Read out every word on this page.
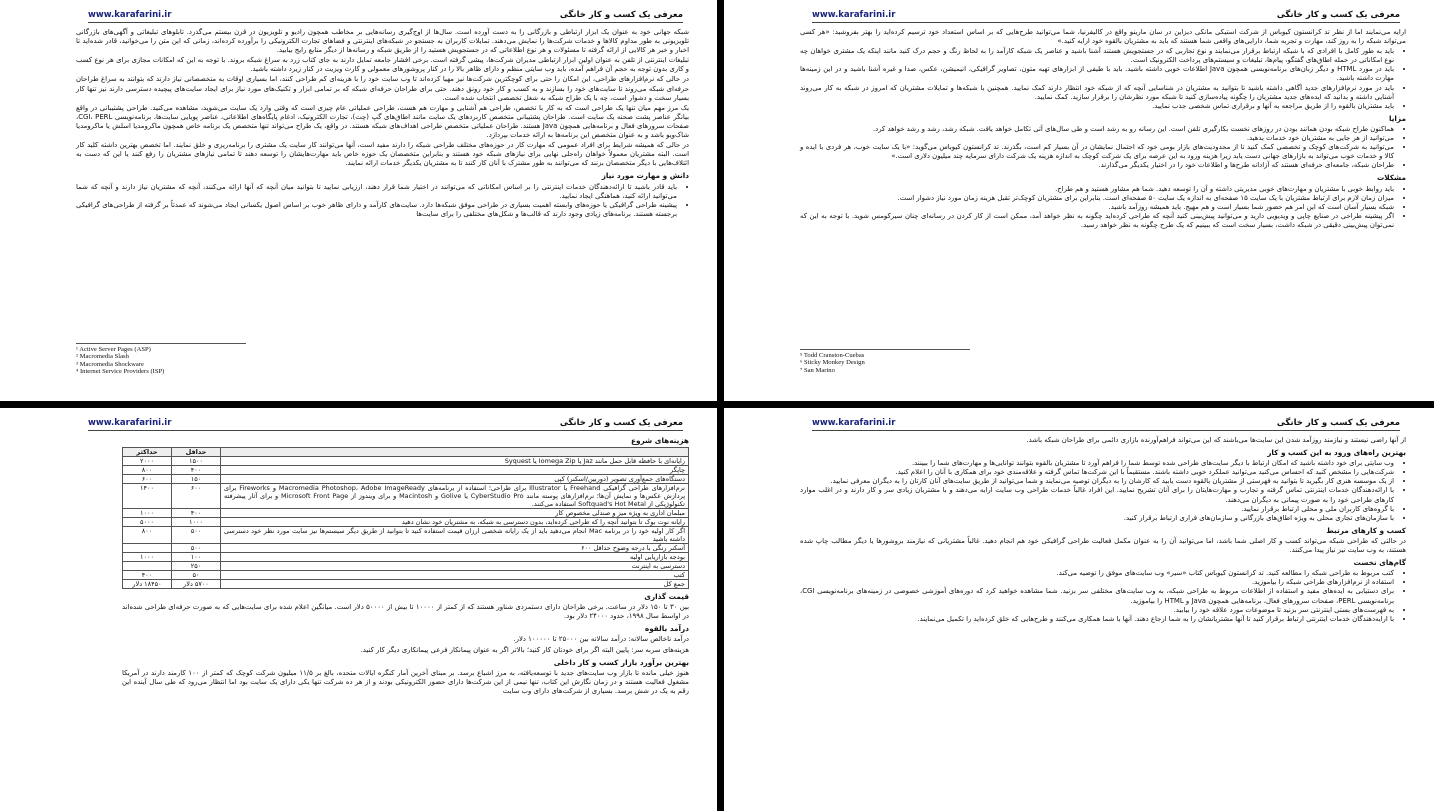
www.karafarini.ir	معرفی یک کسب و کار خانگی

شبکه جهانی خود به عنوان یک ابزار ارتباطی و بازرگانی را به دست آورده است. سال‌ها از اوج‌گیری رسانه‌هایی بر مخاطب همچون رادیو و تلویزیون در قرن بیستم می‌گذرد. تابلوهای تبلیغاتی و آگهی‌های بازرگانی تلویزیونی به طور مداوم کالاها و خدمات شرکت‌ها را نمایش می‌دهند. تمایلات کاربران به جستجو در شبکه‌های اینترنتی و فضاهای تجارت الکترونیکی را برآورده کرده‌اند، زمانی که این متن را می‌خوانید، قادر شده‌اید تا اخبار و خبر هر کالایی از ارائه گرفته تا مسئولات و هر نوع اطلاعاتی که در جستجویش هستید را از طریق شبکه و رسانه‌ها از دیگر منابع رایج بیابید.

تبلیغات اینترنتی از تلفن به عنوان اولین ابزار ارتباطی مدیران شرکت‌ها، پیشی گرفته است. برخی افشار جامعه تمایل دارند به جای کتاب زرد به سراغ شبکه بروند. با توجه به این که امکانات مجازی برای هر نوع کسب و کاری بدون توجه به حجم آن فراهم آمده، باید وب سایتی منظم و دارای ظاهر بالا را در کنار پروشورهای معمولی و کارت ویزیت در کنار زیرد داشته باشید.

در حالی که نرم‌افزارهای طراحی، این امکان را حتی برای کوچکترین شرکت‌ها نیز مهیا کرده‌اند تا وب سایت خود را با هزینه‌ای کم طراحی کنند، اما بسیاری اوقات به متخصصانی نیاز دارند که بتوانند به سراغ طراحان حرفه‌ای شبکه می‌روند تا سایت‌های خود را بسازند و به کسب و کار خود رونق دهند. حتی برای طراحان حرفه‌ای شبکه که بر تمامی ابزار و تکنیک‌های مورد نیاز برای ایجاد سایت‌های پیچیده دسترسی دارند نیز تنها کار بسیار سخت و دشوار است، چه با یک طراح شبکه به شغل تخصصی انتخاب شده است.

یک مرز مهم میان تنها یک طراحی است که به کار با تخصص، طراحی هم آشنایی و مهارت هم هست، طراحی عملیاتی عام چیزی است که وقتی وارد یک سایت می‌شوید، مشاهده می‌کنید. طراحی پشتیبانی در واقع بیانگر عناصر پشت صحنه یک سایت است. طراحان پشتیبانی متخصص کاربردهای یک سایت مانند اطاق‌های گپ (چت)، تجارت الکترونیک، ادغام پایگاه‌های اطلاعاتی، عناصر پویایی سایت‌ها، برنامه‌نویسی CGI، PERL، صفحات سرورهای فعال و برنامه‌هایی همچون Java هستند. طراحان عملیاتی متخصص طراحی اهداف‌های شبکه هستند. در واقع، یک طراح می‌تواند تنها متخصص یک برنامه خاص همچون ماکرومدیا اسلش یا ماکرومدیا شاک‌ویو باشد و به عنوان متخصص این برنامه‌ها به ارائه خدمات بپردازد.

در حالی که همیشه شرایط برای افراد عمومی که مهارت کار در حوزه‌های مختلف طراحی شبکه را دارند مفید است، آنها می‌توانند کار سایت یک مشتری را برنامه‌ریزی و خلق نمایند. اما تخصص بهترین داشته کلید کار است. البته مشتریان معمولاً خواهان راه‌حلی نهایی برای نیازهای شبکه خود هستند و بنابراین متخصصان یک حوزه خاص باید مهارت‌هایشان را توسعه دهند تا تمامی نیازهای مشتریان را رفع کنند یا این که دست به ائتلاف‌هایی با دیگر متخصصان بزنند که می‌توانند به طور مشترک با آنان کار کنند تا به مشتریان یکدیگر خدمات ارائه نمایند.

دانش و مهارت مورد نیاز
• باید قادر باشید تا ارائه‌دهندگان خدمات اینترنتی را بر اساس امکاناتی که می‌توانند در اختیار شما قرار دهند، ارزیابی نمایید تا بتوانید میان آنچه که آنها ارائه می‌کنند، آنچه که مشتریان نیاز دارند و آنچه که شما می‌توانید ارائه کنید، هماهنگی ایجاد نمایید.
• پیشینه طراحی گرافیکی یا حوزه‌های وابسته اهمیت بسیاری در طراحی موفق شبکه‌ها دارد. سایت‌های کارآمد و دارای ظاهر خوب بر اساس اصول یکسانی ایجاد می‌شوند که عمدتاً بر گرفته از طراحی‌های گرافیکی برجسته هستند. برنامه‌های زیادی وجود دارند که قالب‌ها و شکل‌های مختلفی را برای سایت‌ها
¹ Active Server Pages (ASP)
² Macromedia Slash
³ Macromedia Shockware
⁴ Internet Service Providers (ISP)
www.karafarini.ir	معرفی یک کسب و کار خانگی

ارایه می‌نمایند اما از نظر تد کرانستون کیوباس از شرکت استیکی مانکی دیزاین در سان مارینو واقع در کالیفرنیا، شما می‌توانید طرح‌هایی که بر اساس استعداد خود ترسیم کرده‌اید را بهتر بفروشید: «هر کسی می‌تواند شبکه را به روز کند، مهارت و تجربه شما، دارایی‌های واقعی شما هستند که باید به مشتریان بالقوه خود ارایه کنید.»

• باید به طور کامل با افرادی که با شبکه ارتباط برقرار می‌نمایند و نوع تجاربی که در جستجویش هستند آشنا باشید و عناصر یک شبکه کارآمد را به لحاظ رنگ و حجم درک کنید مانند اینکه یک مشتری خواهان چه نوع امکاناتی در حمله اطاق‌های گفتگو، پیام‌ها، تبلیغات و سیستم‌های پرداخت الکترونیک است.
• باید در مورد HTML و دیگر زبان‌های برنامه‌نویسی همچون Java اطلاعات خوبی داشته باشید. باید با طیفی از ابزارهای تهیه متون، تصاویر گرافیکی، انیمیشن، عکس، صدا و غیره آشنا باشید و در این زمینه‌ها مهارت داشته باشید.
• باید در مورد نرم‌افزارهای جدید آگاهی داشته باشید تا بتوانید به مشتریان در شناسایی آنچه که از شبکه خود انتظار دارند کمک نمایید. همچنین با شبکه‌ها و تمایلات مشتریان که امروز در شبکه به کار می‌روند آشنایی داشته و بدانید که ایده‌های جدید مشتریان را چگونه پیاده‌سازی کنید تا شبکه مورد نظرشان را برقرار سازید. کمک نمایید.
• باید مشتریان بالقوه را از طریق مراجعه به آنها و برقراری تماس شخصی جذب نمایید.
مزایا
• هماکنون طراح شبکه بودن همانند بودن در روزهای نخست بکارگیری تلفن است. این رسانه رو به رشد است و طی سال‌های آتی تکامل خواهد یافت. شبکه رشد، رشد و رشد خواهد کرد.
• می‌توانید از هر جایی به مشتریان خود خدمات بدهید.
• می‌توانید به شرکت‌های کوچک و تخصصی کمک کنید تا از محدودیت‌های بازار بومی خود که احتمال نمایشان در آن بسیار کم است، بگذرند. تد کرانستون کیوباس می‌گوید: «با یک سایت خوب، هر فردی با ایده و کالا و خدمات خوب می‌تواند به بازارهای جهانی دست یابد زیرا هزینه ورود به این عرصه برای یک شرکت کوچک به اندازه هزینه یک شرکت دارای سرمایه چند میلیون دلاری است.»
• طراحان شبکه، جامعه‌ای حرفه‌ای هستند که آزادانه طرح‌ها و اطلاعات خود را در اختیار یکدیگر می‌گذارند.
مشکلات
• باید روابط خوبی با مشتریان و مهارت‌های خوبی مدیریتی داشته و آن را توسعه دهید. شما هم مشاور هستید و هم طراح.
• میزان زمان لازم برای ارتباط مشتریان با یک سایت ۱۵ صفحه‌ای به اندازه یک سایت ۵۰ صفحه‌ای است. بنابراین برای مشتریان کوچک‌تر تقبل هزینه زمان مورد نیاز دشوار است.
• شبکه بسیار آسان است که این امر هم حضور شما بسیار است و هم مهیج. باید همیشه روزآمد باشید.
• اگر پیشینه طراحی در صنایع چاپی و ویدیویی دارید و می‌توانید پیش‌بینی کنید آنچه که طراحی کرده‌اید چگونه به نظر خواهد آمد، ممکن است از کار کردن در رسانه‌ای چنان سیرکومس شوید. با توجه به این که نمی‌توان پیش‌بینی دقیقی در شبکه داشت، بسیار سخت است که ببینیم که یک طرح چگونه به نظر خواهد رسید.
⁵ Todd Cranston-Cuebas
⁶ Sticky Monkey Design
⁷ San Marino
www.karafarini.ir	معرفی یک کسب و کار خانگی
هزینه‌های شروع
	حداقل	حداکثر
رایانه‌ای با حافظه قابل حمل مانند Jaz یا Iomega Zip یا Syquest	۱۵۰۰	۲۰۰۰
چاپگر	۴۰۰	۸۰۰
دستگاه‌های جمع‌آوری تصویر (دوربین/اسکنر) کپی	۱۵۰	۶۰۰
نرم‌افزارهای طراحی گرافیکی Freehand یا Illustrator برای طراحی؛ استفاده از برنامه‌های Macromedia Photoshop، Adobe ImageReady و Fireworks برای پردازش عکس‌ها و نمایش آن‌ها؛ نرم‌افزارهای پوسته مانند CyberStudio Pro یا Golive و Macintosh و برای ویندوز از Microsoft Front Page و برای آثار پیشرفته تکنولوژیکی از Softquad's Hot Metal استفاده می‌کنند.	۶۰۰	۱۴۰۰
مبلمان اداری به ویژه میز و صندلی مخصوص کار	۴۰۰	۱۰۰۰
رایانه نوت بوک تا بتوانید آنچه را که طراحی کرده‌اید، بدون دسترسی به شبکه، به مشتریان خود نشان دهید	۱۰۰۰	۵۰۰۰
اگر کار اولیه خود را در برنامه Mac انجام می‌دهید باید از یک رایانه شخصی ارزان قیمت استفاده کنید تا بتوانید از طریق دیگر سیستم‌ها نیز سایت مورد نظر خود دسترسی داشته باشید	۵۰۰	۸۰۰
آسکنر رنگی با درجه وضوح حداقل ۶۰۰	۵۰۰	
بودجه بازاریابی اولیه	۱۰۰	۱۰۰۰
دسترسی به اینترنت	۲۵۰	
کتب	۵۰	۴۰۰
جمع کل	۵۷۰۰ دلار	۱۸۴۵۰ دلار
قیمت گذاری

بین ۳۰ تا ۱۵۰ دلار در ساعت. برخی طراحان دارای دستمزدی شناور هستند که از کمتر از ۱۰۰۰۰ تا بیش از ۵۰۰۰۰ دلار است. میانگین اعلام شده برای سایت‌هایی که به صورت حرفه‌ای طراحی شده‌اند در اواسط سال ۱۹۹۸، حدود ۲۴۰۰۰ دلار بود.

درآمد بالقوه

درآمد ناخالص سالانه: درآمد سالانه بین ۲۵۰۰۰ تا ۱۰۰۰۰۰ دلار.

هزینه‌های سربه سر: پایین البته اگر برای خودتان کار کنید؛ بالاتر اگر به عنوان پیمانکار فرعی پیمانکاری دیگر کار کنید.

بهترین برآورد بازار کسب و کار داخلی

هنوز خیلی مانده تا بازار وب سایت‌های جدید با توسعه‌یافته، به مرز اشباع برسد. بر مبنای آخرین آمار کنگره ایالات متحده، بالغ بر ۱۱/۵ میلیون شرکت کوچک که کمتر از ۱۰۰ کارمند دارند در آمریکا مشغول فعالیت هستند و در زمان نگارش این کتاب، تنها نیمی از این شرکت‌ها دارای حضور الکترونیکی بودند و از هر ده شرکت تنها یکی دارای یک سایت بود اما انتظار می‌رود که طی سال آینده این رقم به یک در شش برسد. بسیاری از شرکت‌های دارای وب سایت

www.karafarini.ir	معرفی یک کسب و کار خانگی

از آنها راضی نیستند و نیازمند روزآمد شدن این سایت‌ها می‌باشند که این می‌تواند فراهم‌آورنده بازاری دائمی برای طراحان شبکه باشد.

بهترین راه‌های ورود به این کسب و کار
• وب سایتی برای خود داشته باشید که امکان ارتباط با دیگر سایت‌های طراحی شده توسط شما را فراهم آورد تا مشتریان بالقوه بتوانند توانایی‌ها و مهارت‌های شما را ببینند.
• شرکت‌هایی را مشخص کنید که احساس می‌کنید می‌توانید عملکرد خوبی داشته باشند. مستقیماً با این شرکت‌ها تماس گرفته و علاقه‌مندی خود برای همکاری با آنان را اعلام کنید.
• از یک موسسه هنری کار بگیرید تا بتوانید به فهرستی از مشتریان بالقوه دست یابید که کارشان را به دیگران توصیه می‌نمایند و شما می‌توانید از طریق سایت‌های آنان کارتان را به دیگران معرفی نمایید.
• با ارائه‌دهندگان خدمات اینترنتی تماس گرفته و تجارب و مهارت‌هایتان را برای آنان تشریح نمایید. این افراد غالباً خدمات طراحی وب سایت ارایه می‌دهند و با مشتریان زیادی سر و کار دارند و در اغلب موارد کارهای طراحی خود را به صورت پیمانی به دیگران می‌دهند.
• با گروه‌های کاربران ملی و محلی ارتباط برقرار نمایید.
• با سازمان‌های تجاری محلی به ویژه اطاق‌های بازرگانی و سازمان‌های فراری ارتباط برقرار کنید.
کسب و کارهای مرتبط

در حالتی که طراحی شبکه می‌تواند کسب و کار اصلی شما باشد، اما می‌توانید آن را به عنوان مکمل فعالیت طراحی گرافیکی خود هم انجام دهید. غالباً مشتریانی که نیازمند بروشورها یا دیگر مطالب چاپ شده هستند، به وب سایت نیز نیاز پیدا می‌کنند.

گام‌های نخست
• کتب مربوط به طراحی شبکه را مطالعه کنید. تد کرانستون کیوباس کتاب «سیر» وب سایت‌های موفق را توصیه می‌کند.
• استفاده از نرم‌افزارهای طراحی شبکه را بیاموزید.
• برای دستیابی به ایده‌های مفید و استفاده از اطلاعات مربوط به طراحی شبکه، به وب سایت‌های مختلفی سر بزنید. شما مشاهده خواهید کرد که دوره‌های آموزشی خصوصی در زمینه‌های برنامه‌نویسی CGI، برنامه‌نویسی PERL، صفحات سرورهای فعال، برنامه‌هایی همچون Java و HTML را بیاموزید.
• به فهرست‌های بستی اینترنتی سر بزنید تا موضوعات مورد علاقه خود را بیابید.
• با ارایه‌دهندگان خدمات اینترنتی ارتباط برقرار کنید تا آنها مشتریانشان را به شما ارجاع دهند. آنها با شما همکاری می‌کنند و طرح‌هایی که خلق کرده‌اید را تکمیل می‌نمایند.
